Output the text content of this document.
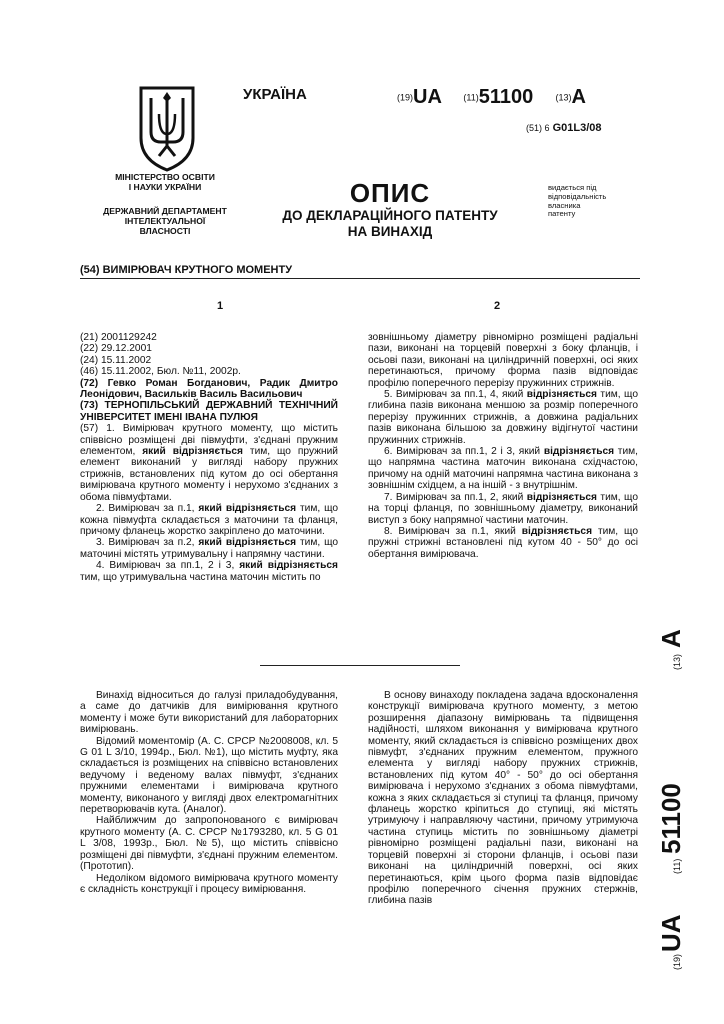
МІНІСТЕРСТВО ОСВІТИ
І НАУКИ УКРАЇНИ
ДЕРЖАВНИЙ ДЕПАРТАМЕНТ
ІНТЕЛЕКТУАЛЬНОЇ
ВЛАСНОСТІ
УКРАЇНА	(19)UA (11)51100 (13)A
(51) 6 G01L3/08
ОПИС
ДО ДЕКЛАРАЦІЙНОГО ПАТЕНТУ
НА ВИНАХІД
видається під
відповідальність
власника
патенту
(54) ВИМІРЮВАЧ КРУТНОГО МОМЕНТУ
1	2

(21) 2001129242

(22) 29.12.2001

(24) 15.11.2002

(46) 15.11.2002, Бюл. №11, 2002р.

(72) Гевко Роман Богданович, Радик Дмитро Леонідович, Васильків Василь Васильович

(73) ТЕРНОПІЛЬСЬКИЙ ДЕРЖАВНИЙ ТЕХНІЧНИЙ УНІВЕРСИТЕТ ІМЕНІ ІВАНА ПУЛЮЯ

(57) 1. Вимірювач крутного моменту, що містить співвісно розміщені дві півмуфти, з'єднані пружним елементом, який відрізняється тим, що пружний елемент виконаний у вигляді набору пружних стрижнів, встановлених під кутом до осі обертання вимірювача крутного моменту і нерухомо з'єднаних з обома півмуфтами.

2. Вимірювач за п.1, який відрізняється тим, що кожна півмуфта складається з маточини та фланця, причому фланець жорстко закріплено до маточини.

3. Вимірювач за п.2, який відрізняється тим, що маточині містять утримувальну і напрямну частини.

4. Вимірювач за пп.1, 2 і 3, який відрізняється тим, що утримувальна частина маточин містить по

зовнішньому діаметру рівномірно розміщені радіальні пази, виконані на торцевій поверхні з боку фланців, і осьові пази, виконані на циліндричній поверхні, осі яких перетинаються, причому форма пазів відповідає профілю поперечного перерізу пружинних стрижнів.

5. Вимірювач за пп.1, 4, який відрізняється тим, що глибина пазів виконана меншою за розмір поперечного перерізу пружинних стрижнів, а довжина радіальних пазів виконана більшою за довжину відігнутої частини пружинних стрижнів.

6. Вимірювач за пп.1, 2 і 3, який відрізняється тим, що напрямна частина маточин виконана східчастою, причому на одній маточині напрямна частина виконана з зовнішнім східцем, а на іншій - з внутрішнім.

7. Вимірювач за пп.1, 2, який відрізняється тим, що на торці фланця, по зовнішньому діаметру, виконаний виступ з боку напрямної частини маточин.

8. Вимірювач за п.1, який відрізняється тим, що пружні стрижні встановлені під кутом 40 - 50° до осі обертання вимірювача.

Винахід відноситься до галузі приладобудування, а саме до датчиків для вимірювання крутного моменту і може бути використаний для лабораторних вимірювань.

Відомий моментомір (А. С. СРСР №2008008, кл. 5 G 01 L 3/10, 1994р., Бюл. №1), що містить муфту, яка складається із розміщених на співвісно встановлених ведучому і веденому валах півмуфт, з'єднаних пружними елементами і вимірювача крутного моменту, виконаного у вигляді двох електромагнітних перетворювачів кута. (Аналог).

Найближчим до запропонованого є вимірювач крутного моменту (А. С. СРСР №1793280, кл. 5 G 01 L 3/08, 1993р., Бюл. №5), що містить співвісно розміщені дві півмуфти, з'єднані пружним елементом. (Прототип).

Недоліком відомого вимірювача крутного моменту є складність конструкції і процесу вимірювання.

В основу винаходу покладена задача вдосконалення конструкції вимірювача крутного моменту, з метою розширення діапазону вимірювань та підвищення надійності, шляхом виконання у вимірювача крутного моменту, який складається із співвісно розміщених двох півмуфт, з'єднаних пружним елементом, пружного елемента у вигляді набору пружних стрижнів, встановлених під кутом 40° - 50° до осі обертання вимірювача і нерухомо з'єднаних з обома півмуфтами, кожна з яких складається зі ступиці та фланця, причому фланець жорстко кріпиться до ступиці, які містять утримуючу і направляючу частини, причому утримуюча частина ступиць містить по зовнішньому діаметрі рівномірно розміщені радіальні пази, виконані на торцевій поверхні зі сторони фланців, і осьові пази виконані на циліндричній поверхні, осі яких перетинаються, крім цього форма пазів відповідає профілю поперечного січення пружних стержнів, глибина пазів

(19)
UA
(11)
51100
(13)
A
